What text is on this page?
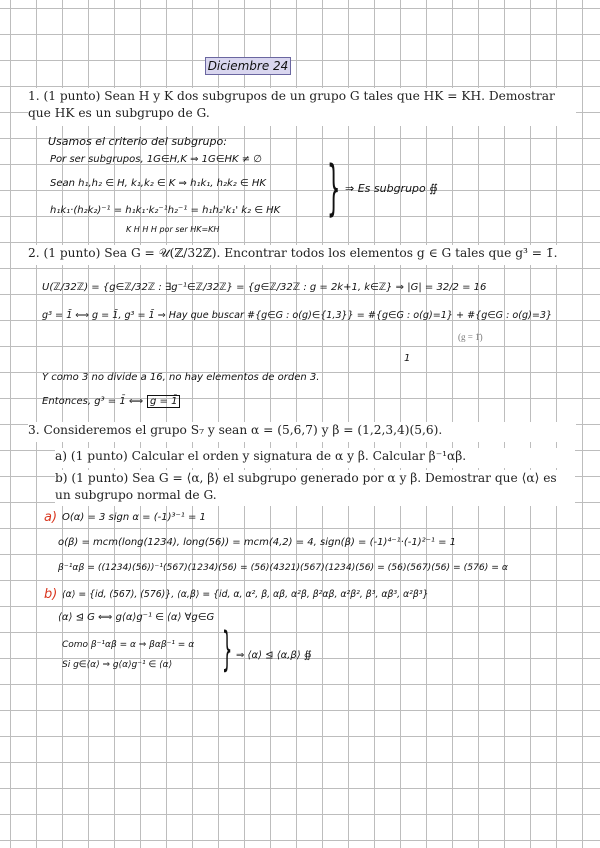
Diciembre 24
1. (1 punto) Sean H y K dos subgrupos de un grupo G tales que HK = KH. Demostrar que HK es un subgrupo de G.
Usamos el criterio del subgrupo:
Por ser subgrupos, 1G∈H,K ⇒ 1G∈HK ≠ ∅
Sean h₁,h₂ ∈ H, k₁,k₂ ∈ K ⇒ h₁k₁, h₂k₂ ∈ HK
h₁k₁·(h₂k₂)⁻¹ = h₁k₁·k₂⁻¹h₂⁻¹ = h₁h₂'k₁' k₂ ∈ HK
K H H H por ser HK=KH
} ⇒ Es subgrupo ∯
2. (1 punto) Sea G = 𝒰(ℤ/32ℤ). Encontrar todos los elementos g ∈ G tales que g³ = 1̄.
U(ℤ/32ℤ) = {g∈ℤ/32ℤ : ∃g⁻¹∈ℤ/32ℤ} = {g∈ℤ/32ℤ : g = 2k+1, k∈ℤ} ⇒ |G| = 32/2 = 16
g³ = 1̄ ⟺ g = 1̄, g³ = 1̄ ⇒ Hay que buscar #{g∈G : o(g)∈{1,3}} = #{g∈G : o(g)=1} + #{g∈G : o(g)=3}
(g = 1̄)
1
Y como 3 no divide a 16, no hay elementos de orden 3.
Entonces, g³ = 1̄ ⟺ g = 1̄
3. Consideremos el grupo S₇ y sean α = (5,6,7) y β = (1,2,3,4)(5,6).
a) (1 punto) Calcular el orden y signatura de α y β. Calcular β⁻¹αβ.
b) (1 punto) Sea G = ⟨α, β⟩ el subgrupo generado por α y β. Demostrar que ⟨α⟩ es un subgrupo normal de G.
a) O(α) = 3 sign α = (-1)³⁻¹ = 1
o(β) = mcm(long(1234), long(56)) = mcm(4,2) = 4, sign(β) = (-1)⁴⁻¹·(-1)²⁻¹ = 1
β⁻¹αβ = ((1234)(56))⁻¹(567)(1234)(56) = (56)(4321)(567)(1234)(56) = (56)(567)(56) = (576) = α
b) ⟨α⟩ = {id, (567), (576)}, ⟨α,β⟩ = {id, α, α², β, αβ, α²β, β²αβ, α²β², β³, αβ³, α²β³}
⟨α⟩ ⊴ G ⟺ g⟨α⟩g⁻¹ ∈ ⟨α⟩ ∀g∈G
Como β⁻¹αβ = α ⇒ βαβ⁻¹ = α
Si g∈⟨α⟩ ⇒ g⟨α⟩g⁻¹ ∈ ⟨α⟩ } ⇒ ⟨α⟩ ⊴ ⟨α,β⟩ ∯
